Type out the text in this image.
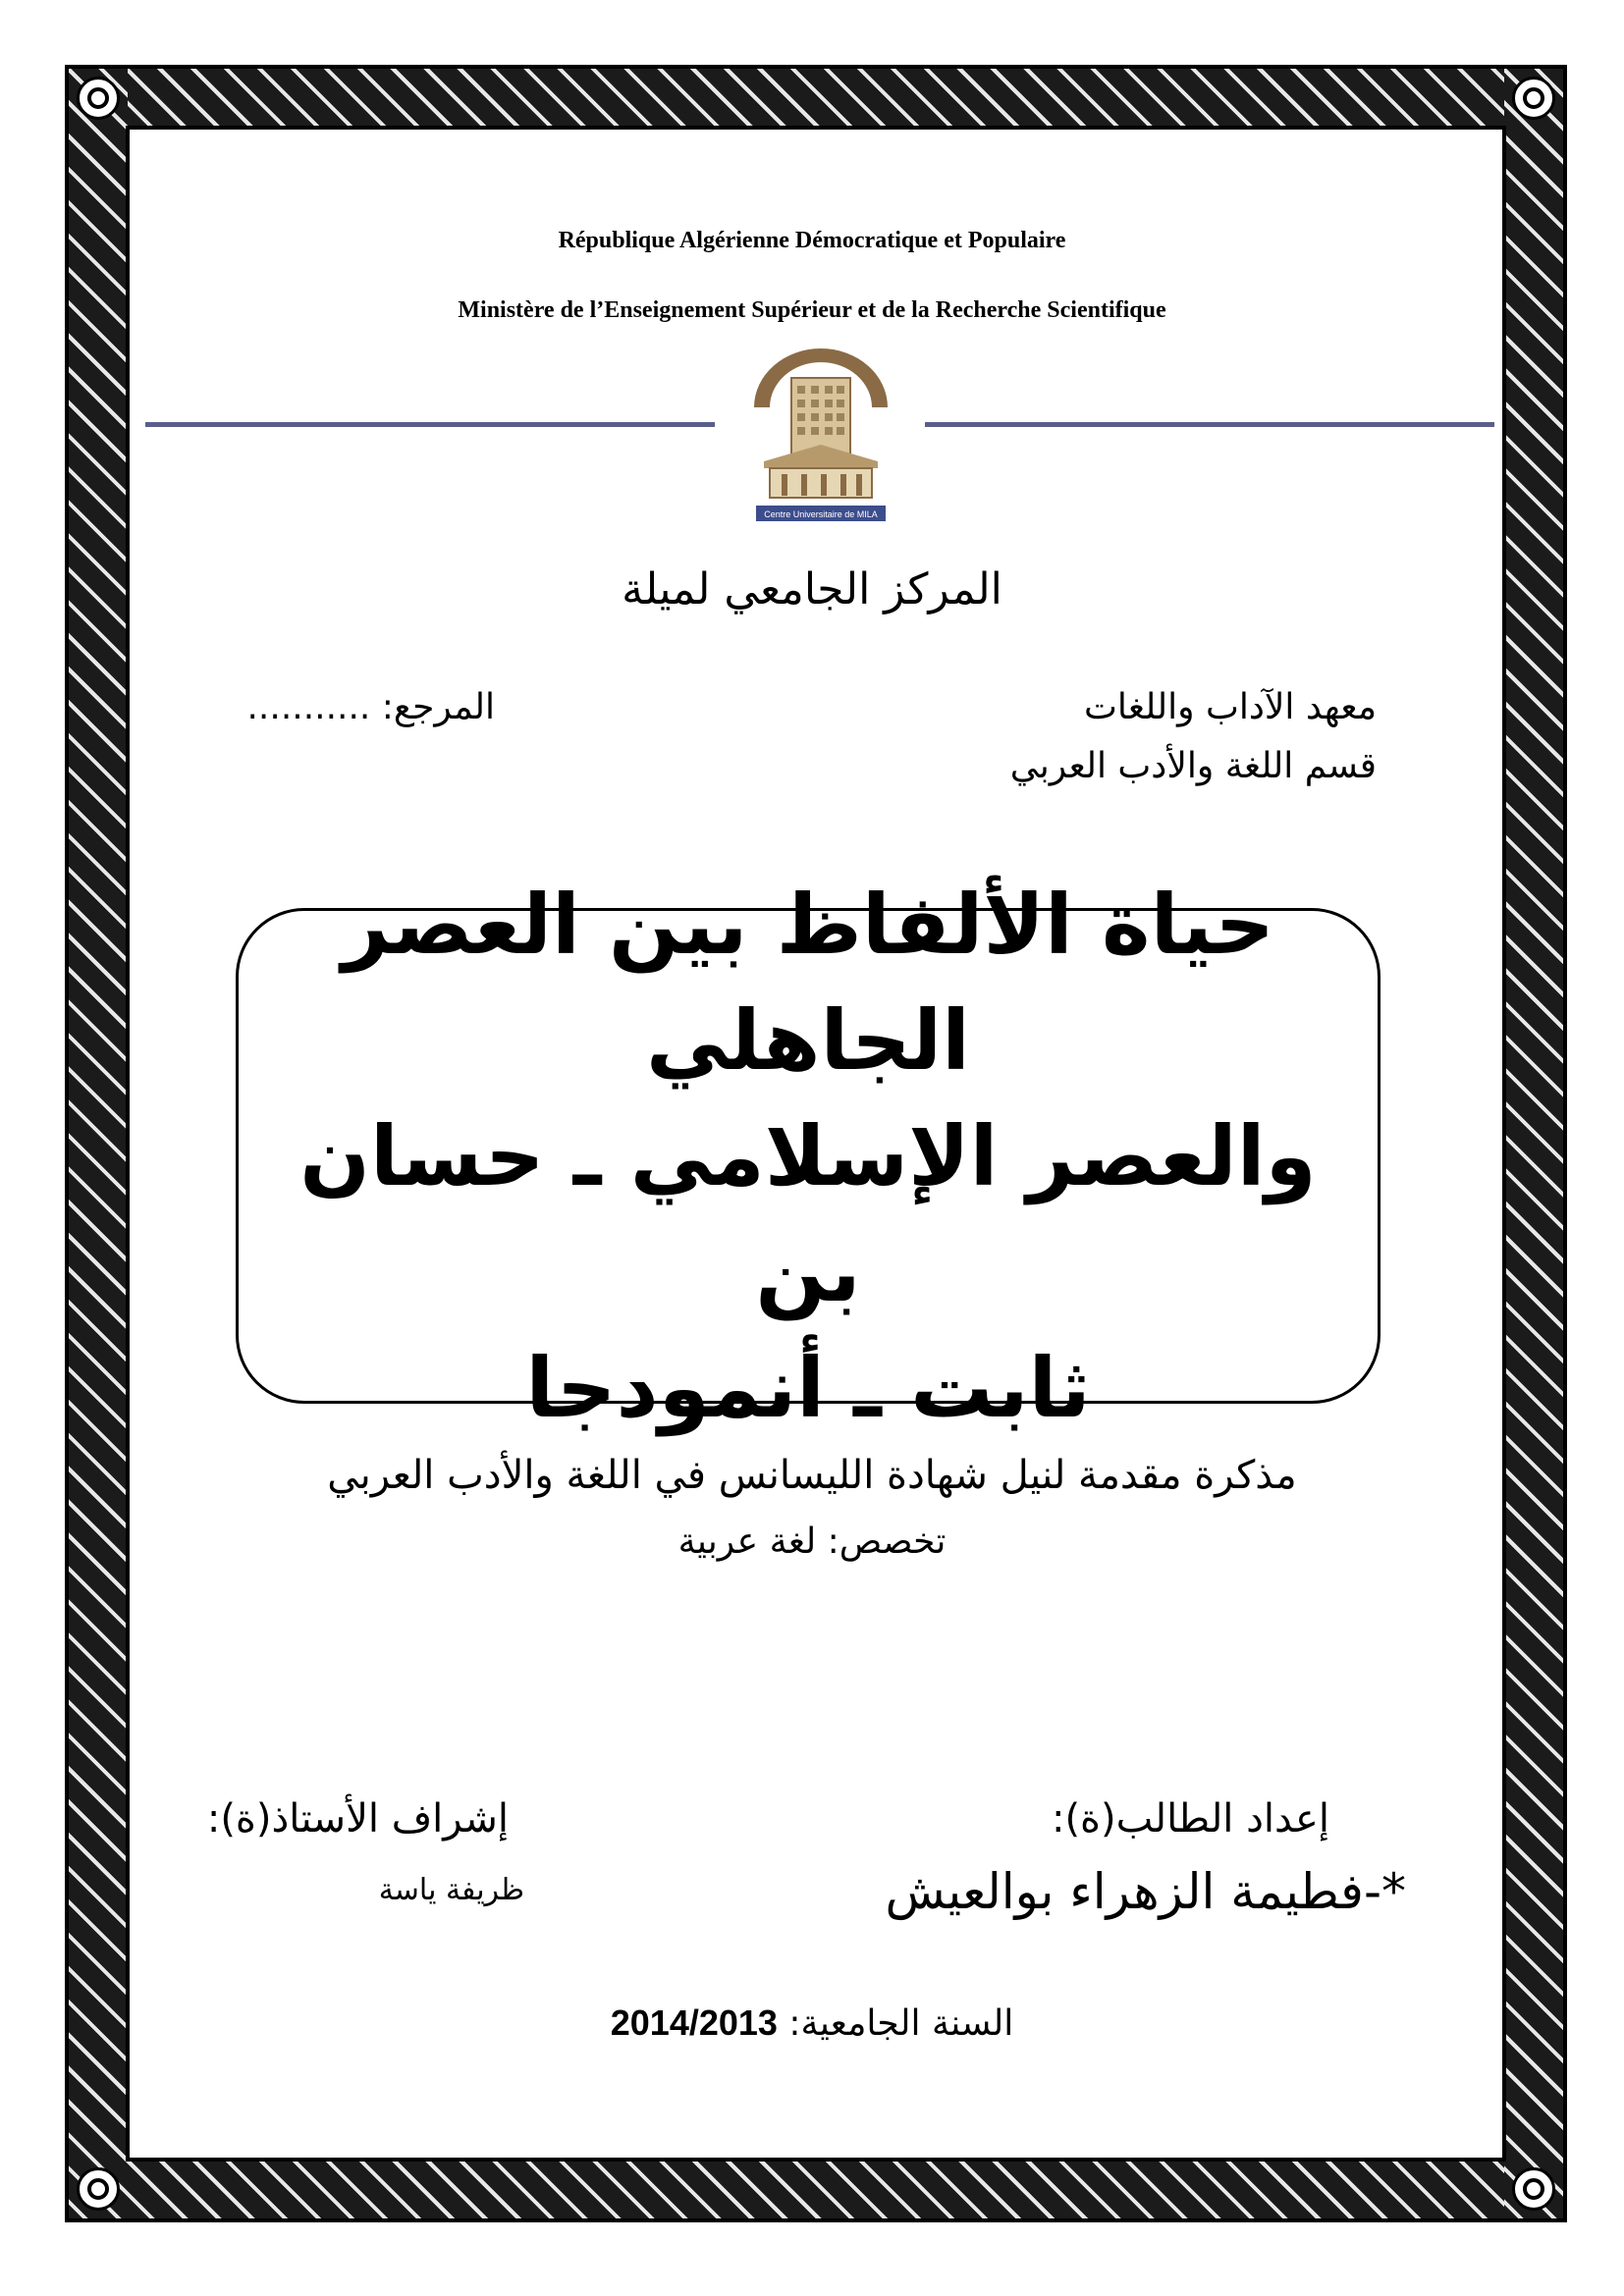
République Algérienne Démocratique et Populaire
Ministère de l’Enseignement Supérieur et de la Recherche Scientifique
Centre Universitaire de MILA
المركز الجامعي لميلة
معهد الآداب واللغات
قسم اللغة والأدب العربي
المرجع: ...........
حياة الألفاظ بين العصر الجاهلي
والعصر الإسلامي ـ حسان بن
ثابت ـ أنمودجا
مذكرة مقدمة لنيل شهادة الليسانس في اللغة والأدب العربي
تخصص: لغة عربية
إعداد الطالب(ة):
*-فطيمة الزهراء بوالعيش
إشراف الأستاذ(ة):
ظريفة ياسة
السنة الجامعية: 2014/2013
